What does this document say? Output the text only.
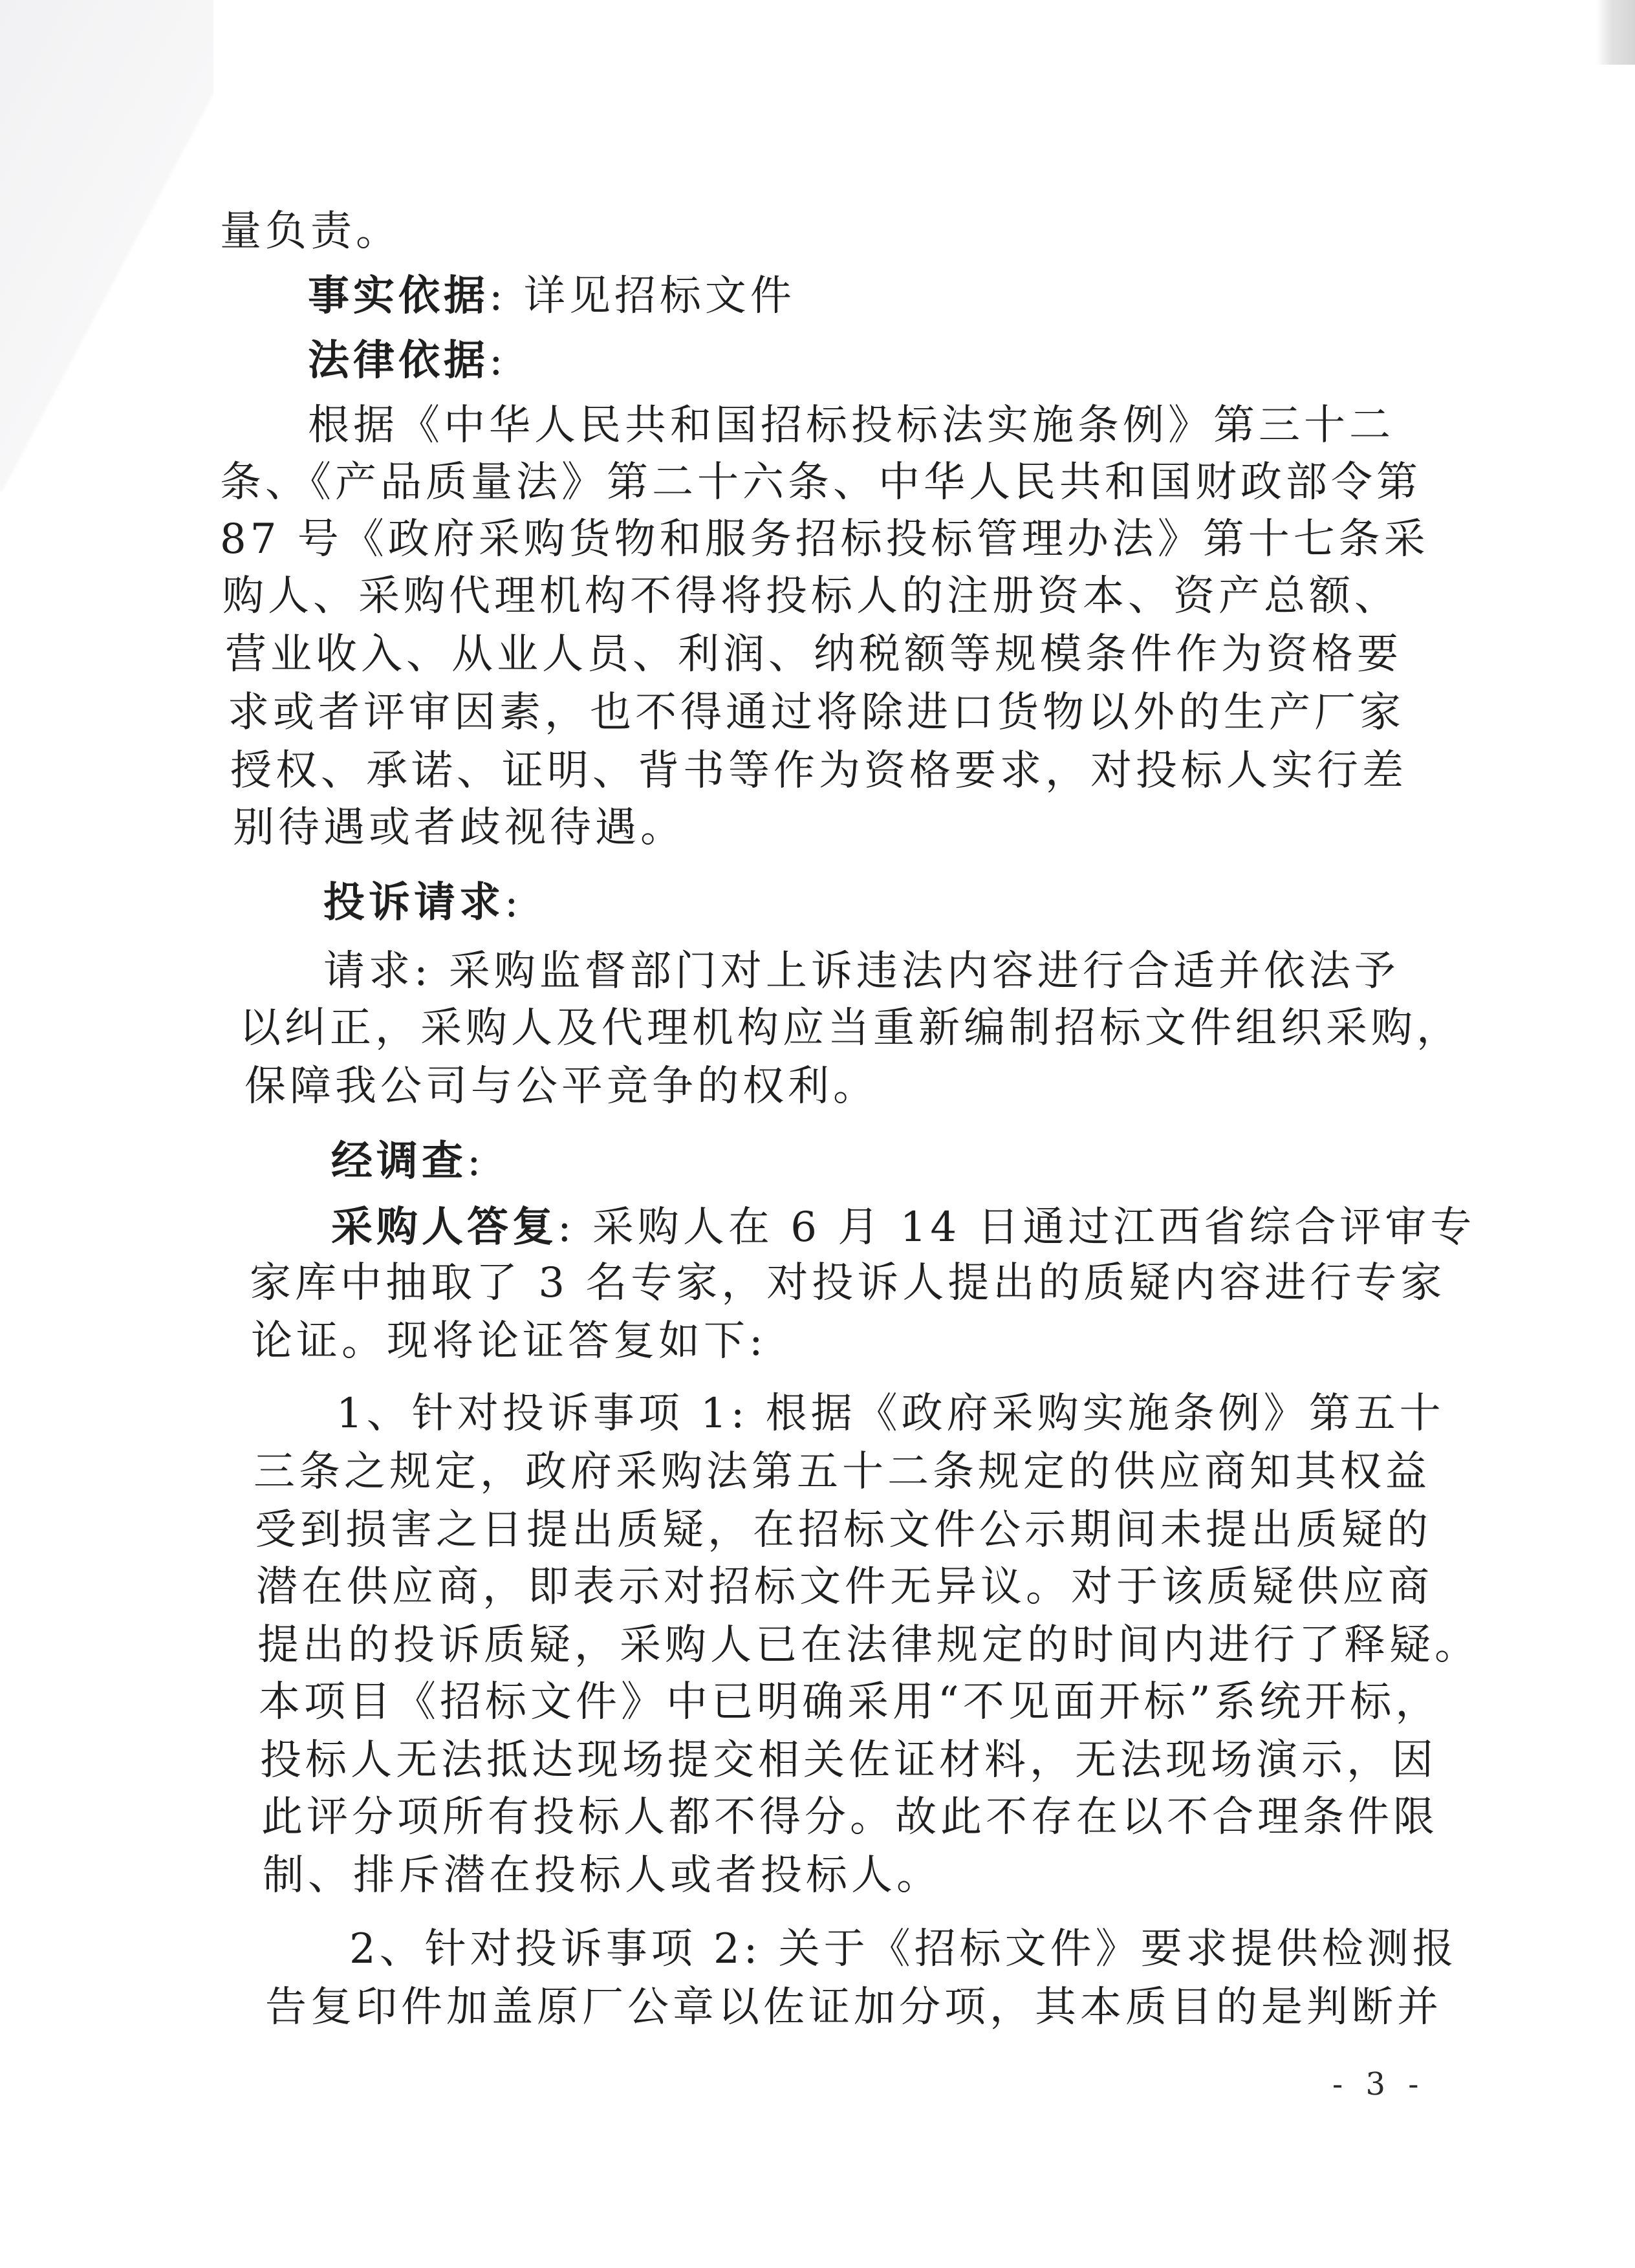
量负责。
事实依据: 详见招标文件
法律依据:
根据《中华人民共和国招标投标法实施条例》第三十二
条、《产品质量法》第二十六条、中华人民共和国财政部令第
87 号《政府采购货物和服务招标投标管理办法》第十七条采
购人、采购代理机构不得将投标人的注册资本、资产总额、
营业收入、从业人员、利润、纳税额等规模条件作为资格要
求或者评审因素，也不得通过将除进口货物以外的生产厂家
授权、承诺、证明、背书等作为资格要求，对投标人实行差
别待遇或者歧视待遇。
投诉请求:
请求: 采购监督部门对上诉违法内容进行合适并依法予
以纠正，采购人及代理机构应当重新编制招标文件组织采购，
保障我公司与公平竞争的权利。
经调查:
采购人答复: 采购人在 6 月 14 日通过江西省综合评审专
家库中抽取了 3 名专家，对投诉人提出的质疑内容进行专家
论证。现将论证答复如下:
1、针对投诉事项 1: 根据《政府采购实施条例》第五十
三条之规定，政府采购法第五十二条规定的供应商知其权益
受到损害之日提出质疑，在招标文件公示期间未提出质疑的
潜在供应商，即表示对招标文件无异议。对于该质疑供应商
提出的投诉质疑，采购人已在法律规定的时间内进行了释疑。
本项目《招标文件》中已明确采用“不见面开标”系统开标，
投标人无法抵达现场提交相关佐证材料，无法现场演示，因
此评分项所有投标人都不得分。故此不存在以不合理条件限
制、排斥潜在投标人或者投标人。
2、针对投诉事项 2: 关于《招标文件》要求提供检测报
告复印件加盖原厂公章以佐证加分项，其本质目的是判断并
- 3 -
